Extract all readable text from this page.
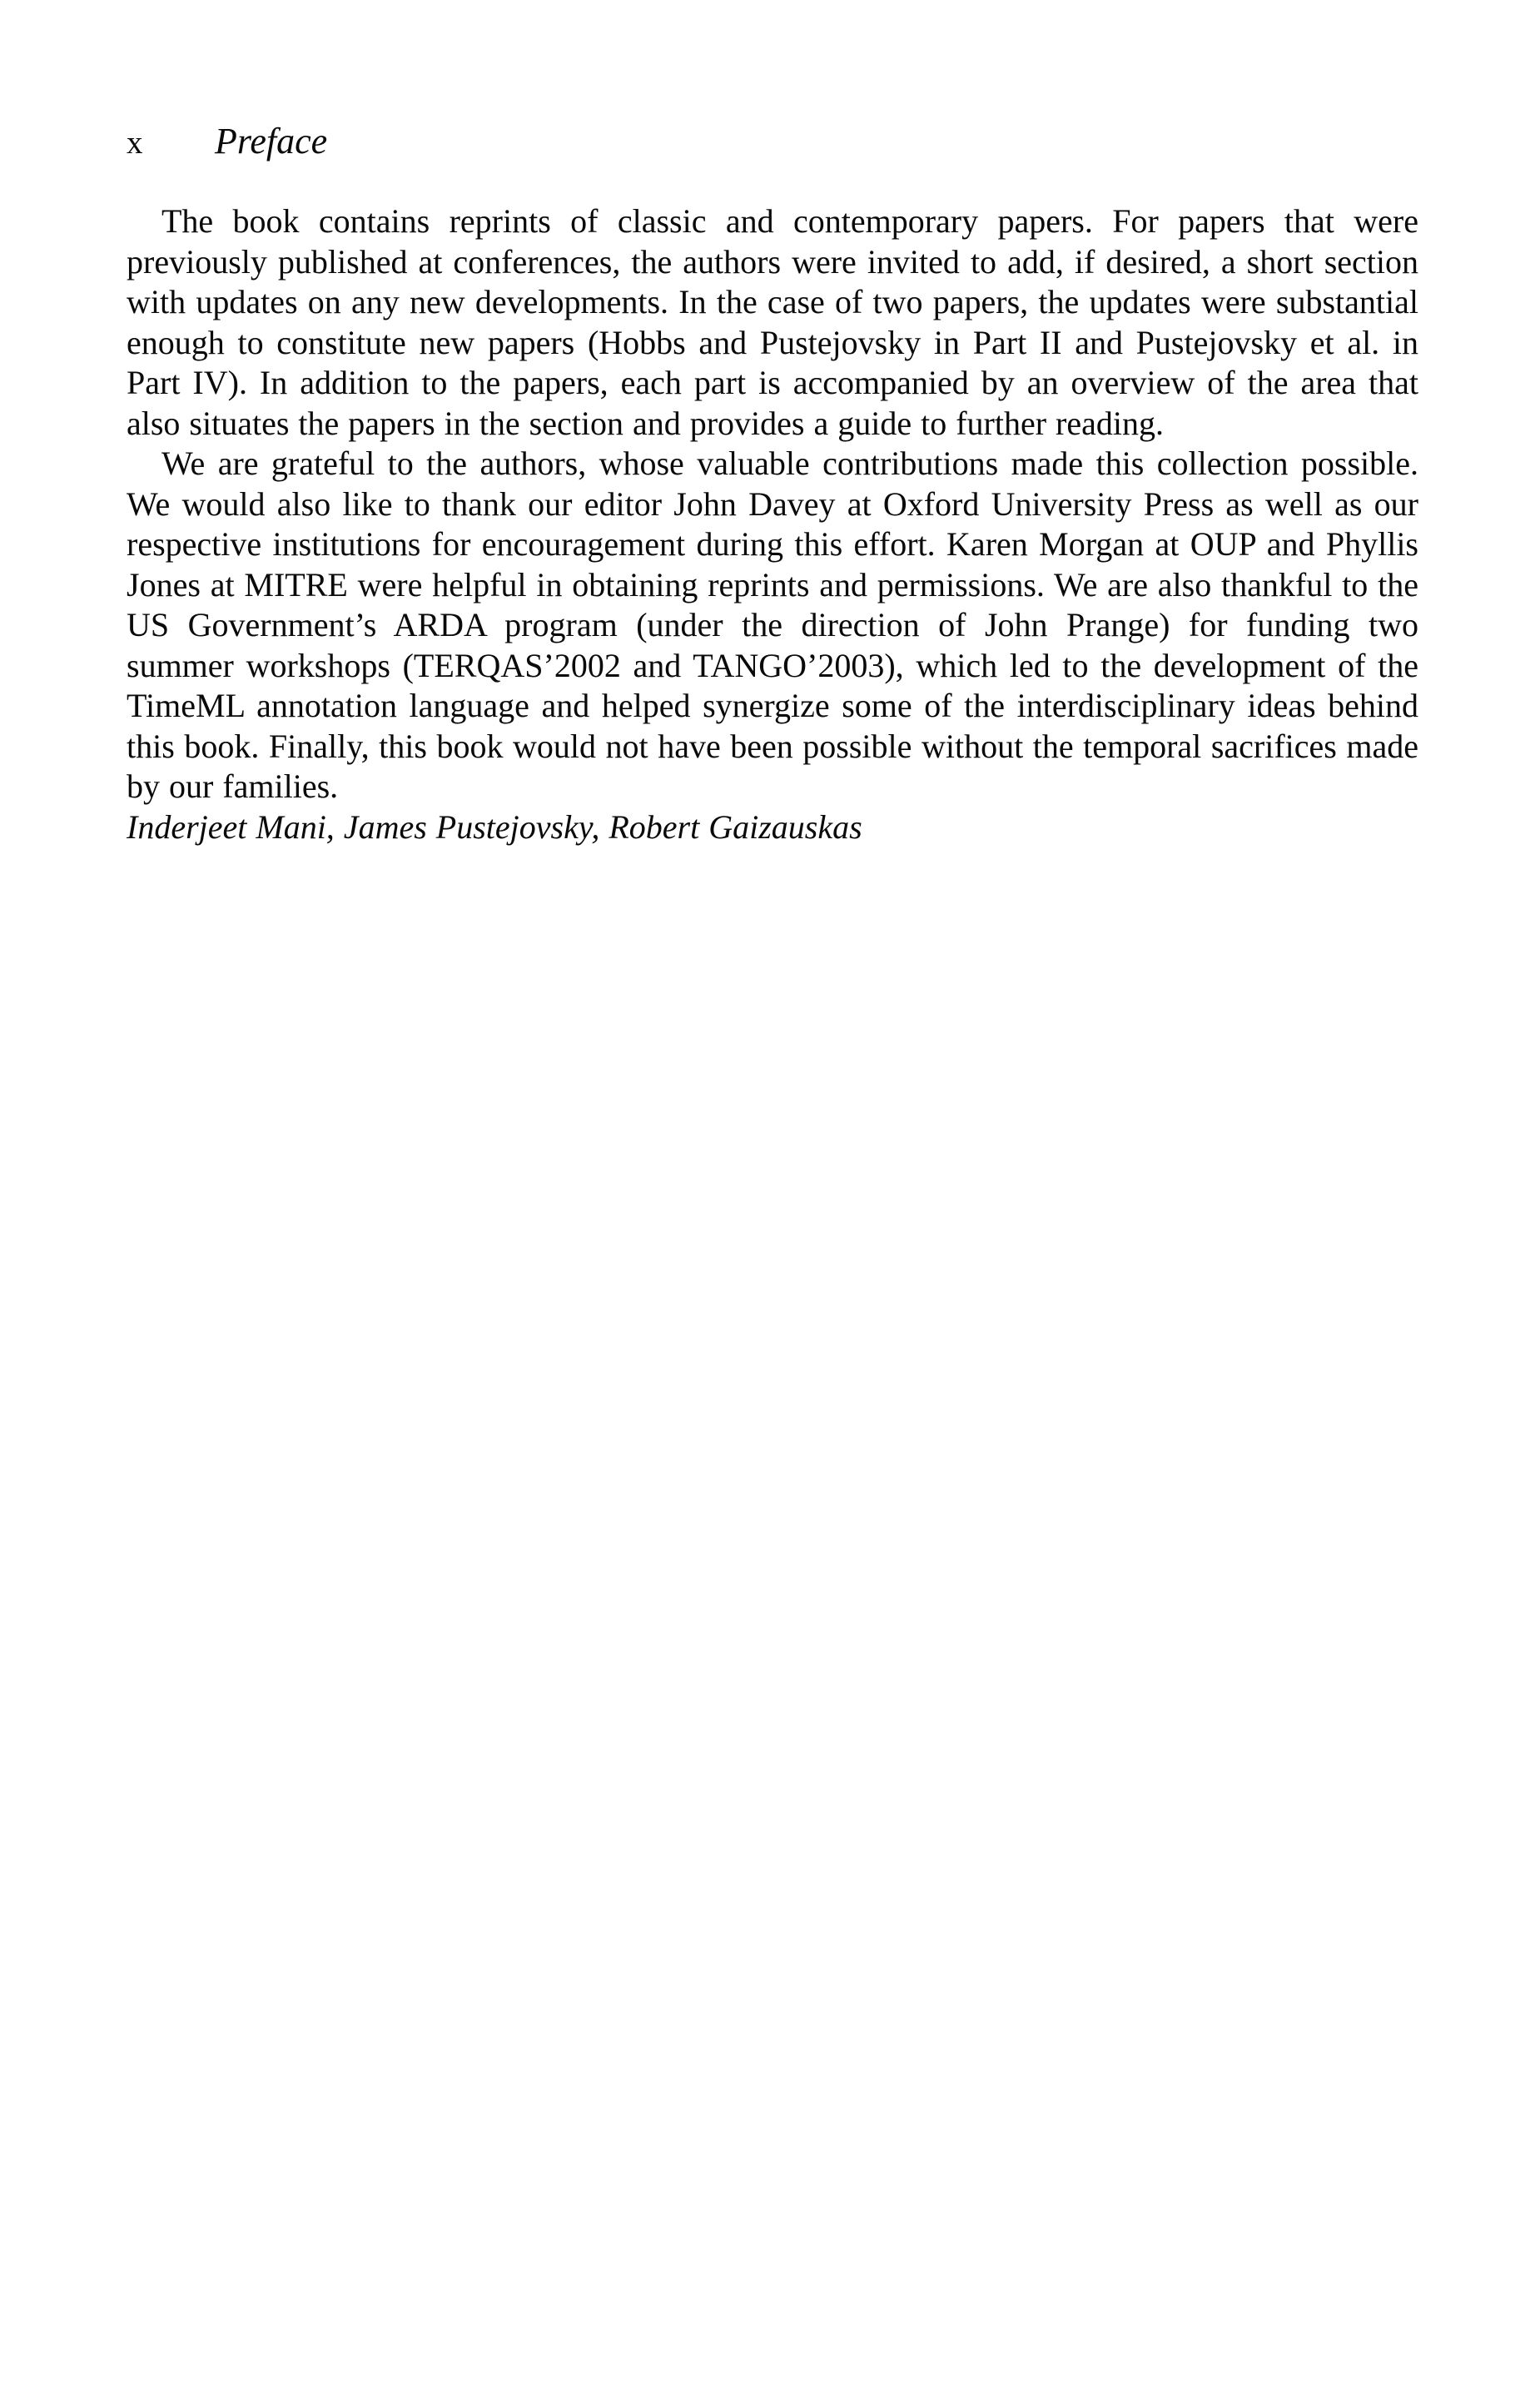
x Preface

The book contains reprints of classic and contemporary papers. For papers that were previously published at conferences, the authors were invited to add, if desired, a short section with updates on any new developments. In the case of two papers, the updates were substantial enough to constitute new papers (Hobbs and Pustejovsky in Part II and Pustejovsky et al. in Part IV). In addition to the papers, each part is accompanied by an overview of the area that also situates the papers in the section and provides a guide to further reading.

We are grateful to the authors, whose valuable contributions made this collection possible. We would also like to thank our editor John Davey at Oxford University Press as well as our respective institutions for encouragement during this effort. Karen Morgan at OUP and Phyllis Jones at MITRE were helpful in obtaining reprints and permissions. We are also thankful to the US Government’s ARDA program (under the direction of John Prange) for funding two summer workshops (TERQAS’2002 and TANGO’2003), which led to the development of the TimeML annotation language and helped synergize some of the interdisciplinary ideas behind this book. Finally, this book would not have been possible without the temporal sacrifices made by our families.

Inderjeet Mani, James Pustejovsky, Robert Gaizauskas
